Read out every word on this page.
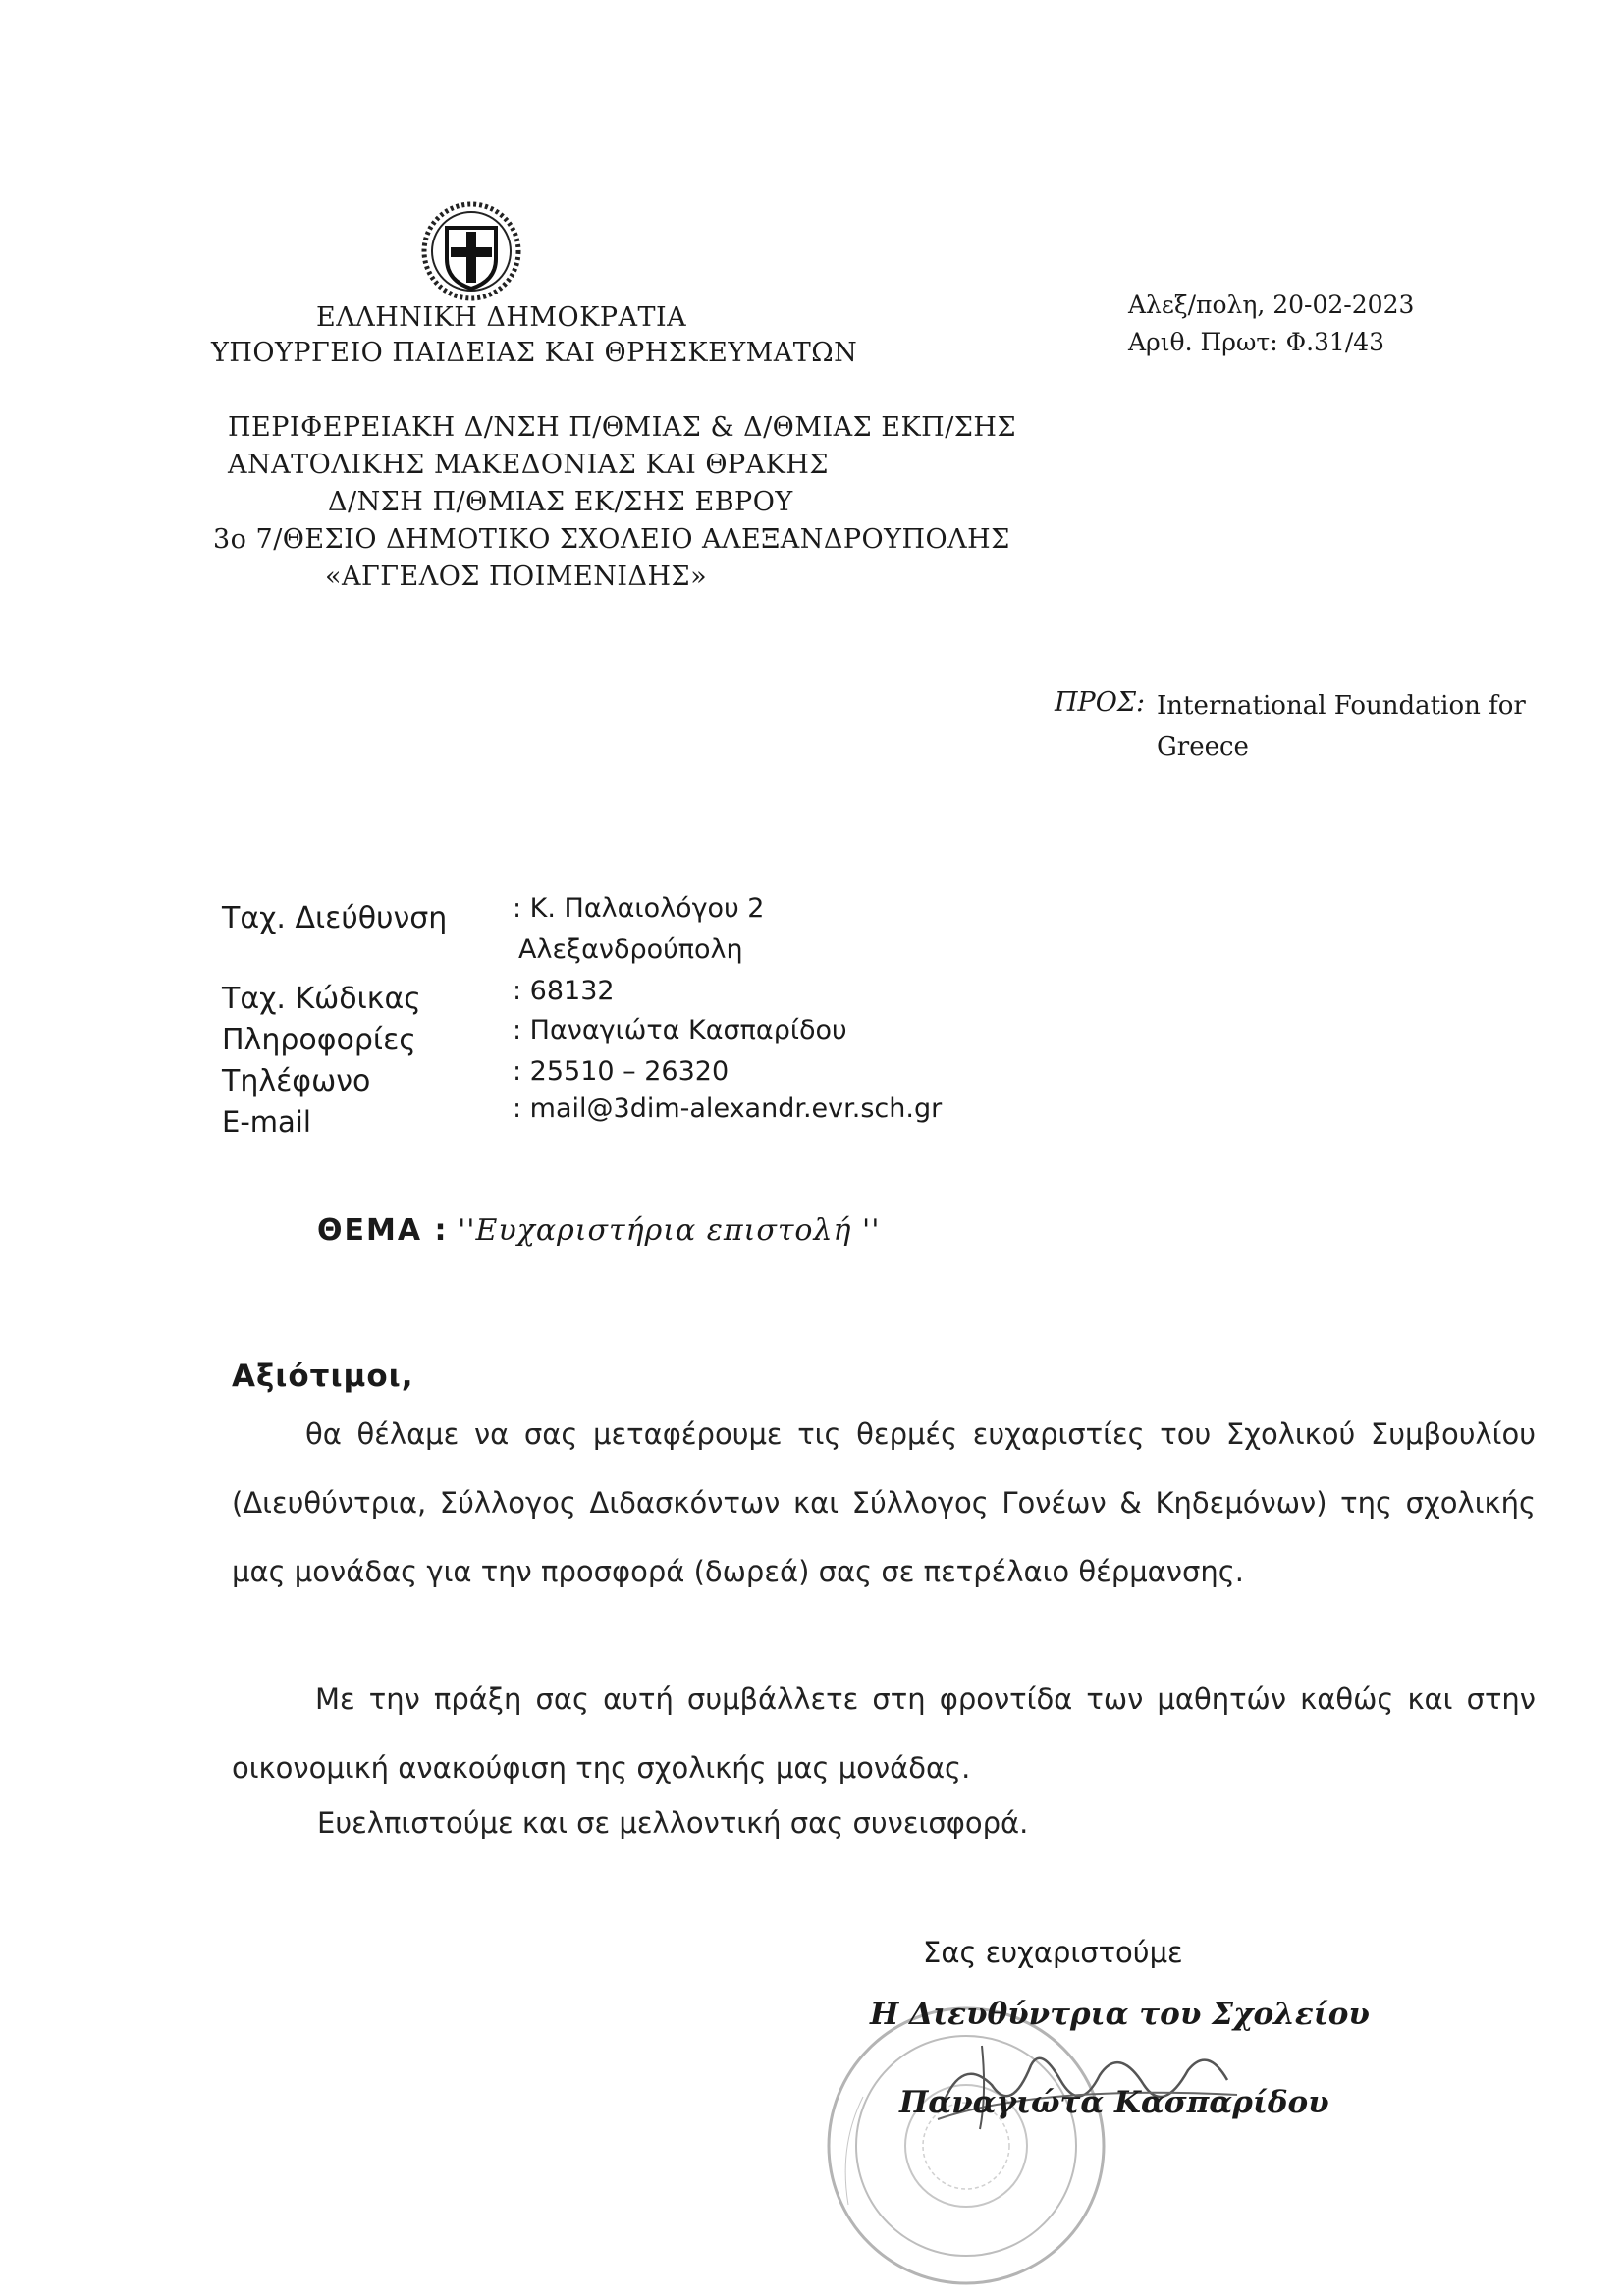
ΕΛΛΗΝΙΚΗ ΔΗΜΟΚΡΑΤΙΑ

ΥΠΟΥΡΓΕΙΟ ΠΑΙΔΕΙΑΣ ΚΑΙ ΘΡΗΣΚΕΥΜΑΤΩΝ

ΠΕΡΙΦΕΡΕΙΑΚΗ Δ/ΝΣΗ Π/ΘΜΙΑΣ & Δ/ΘΜΙΑΣ ΕΚΠ/ΣΗΣ

ΑΝΑΤΟΛΙΚΗΣ ΜΑΚΕΔΟΝΙΑΣ ΚΑΙ ΘΡΑΚΗΣ

Δ/ΝΣΗ Π/ΘΜΙΑΣ ΕΚ/ΣΗΣ ΕΒΡΟΥ

3ο 7/ΘΕΣΙΟ ΔΗΜΟΤΙΚΟ ΣΧΟΛΕΙΟ ΑΛΕΞΑΝΔΡΟΥΠΟΛΗΣ

«ΑΓΓΕΛΟΣ ΠΟΙΜΕΝΙΔΗΣ»

Αλεξ/πολη, 20-02-2023

Αριθ. Πρωτ: Φ.31/43

ΠΡΟΣ: International Foundation for Greece

Ταχ. Διεύθυνση : Κ. Παλαιολόγου 2

Αλεξανδρούπολη

Ταχ. Κώδικας	: 68132

Πληροφορίες	: Παναγιώτα Κασπαρίδου

Τηλέφωνο	: 25510 – 26320

E-mail	: mail@3dim-alexandr.evr.sch.gr

ΘΕΜΑ : ''Ευχαριστήρια επιστολή ''

Αξιότιμοι,

θα θέλαμε να σας μεταφέρουμε τις θερμές ευχαριστίες του Σχολικού Συμβουλίου (Διευθύντρια, Σύλλογος Διδασκόντων και Σύλλογος Γονέων & Κηδεμόνων) της σχολικής μας μονάδας για την προσφορά (δωρεά) σας σε πετρέλαιο θέρμανσης.

Με την πράξη σας αυτή συμβάλλετε στη φροντίδα των μαθητών καθώς και στην οικονομική ανακούφιση της σχολικής μας μονάδας.

Ευελπιστούμε και σε μελλοντική σας συνεισφορά.

Σας ευχαριστούμε

Η Διευθύντρια του Σχολείου

Παναγιώτα Κασπαρίδου
